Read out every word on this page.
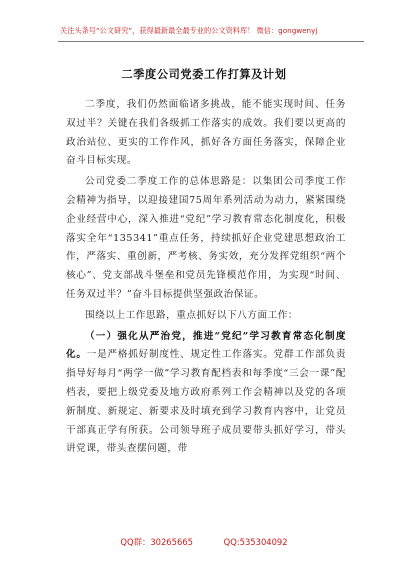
关注头条号“公文研究”，获得最新最全最专业的公文资料库！ 微信：gongwenyj
二季度公司党委工作打算及计划

二季度，我们仍然面临诸多挑战，能不能实现时间、任务双过半？关键在我们各级抓工作落实的成效。我们要以更高的政治站位、更实的工作作风，抓好各方面任务落实，保障企业奋斗目标实现。

公司党委二季度工作的总体思路是：以集团公司季度工作会精神为指导，以迎接建国75周年系列活动为动力，紧紧围绕企业经营中心，深入推进“党纪”学习教育常态化制度化，积极落实全年“135341”重点任务，持续抓好企业党建思想政治工作，严落实、重创新，严考核、务实效，充分发挥党组织“两个核心”、党支部战斗堡垒和党员先锋模范作用，为实现“时间、任务双过半？”奋斗目标提供坚强政治保证。

围绕以上工作思路，重点抓好以下八方面工作：

（一）强化从严治党，推进“党纪”学习教育常态化制度化。一是严格抓好制度性、规定性工作落实。党群工作部负责指导好每月“两学一做”学习教育配档表和每季度“三会一课”配档表，要把上级党委及地方政府系列工作会精神以及党的各项新制度、新规定、新要求及时填充到学习教育内容中，让党员干部真正学有所获。公司领导班子成员要带头抓好学习，带头讲党课，带头查摆问题，带

QQ群：30265665	QQ:535304092
